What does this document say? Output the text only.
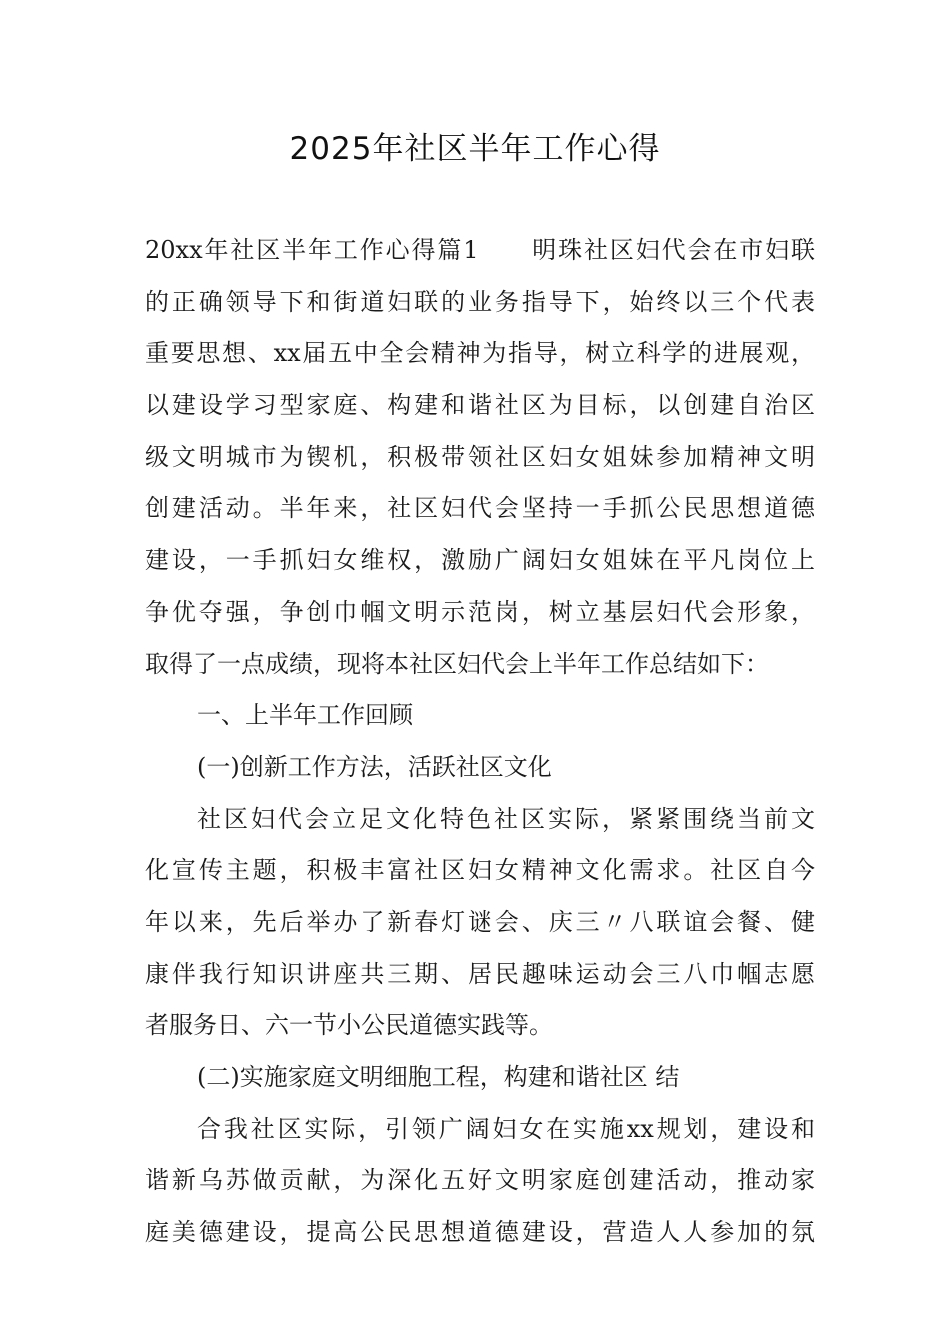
2025年社区半年工作心得
20xx年社区半年工作心得篇1　　明珠社区妇代会在市妇联
的正确领导下和街道妇联的业务指导下，始终以三个代表
重要思想、xx届五中全会精神为指导，树立科学的进展观，
以建设学习型家庭、构建和谐社区为目标，以创建自治区
级文明城市为锲机，积极带领社区妇女姐妹参加精神文明
创建活动。半年来，社区妇代会坚持一手抓公民思想道德
建设，一手抓妇女维权，激励广阔妇女姐妹在平凡岗位上
争优夺强，争创巾帼文明示范岗，树立基层妇代会形象，
取得了一点成绩，现将本社区妇代会上半年工作总结如下：
一、上半年工作回顾
(一)创新工作方法，活跃社区文化
社区妇代会立足文化特色社区实际，紧紧围绕当前文
化宣传主题，积极丰富社区妇女精神文化需求。社区自今
年以来，先后举办了新春灯谜会、庆三〃八联谊会餐、健
康伴我行知识讲座共三期、居民趣味运动会三八巾帼志愿
者服务日、六一节小公民道德实践等。
(二)实施家庭文明细胞工程，构建和谐社区 结
合我社区实际，引领广阔妇女在实施xx规划，建设和
谐新乌苏做贡献，为深化五好文明家庭创建活动，推动家
庭美德建设，提高公民思想道德建设，营造人人参加的氛
